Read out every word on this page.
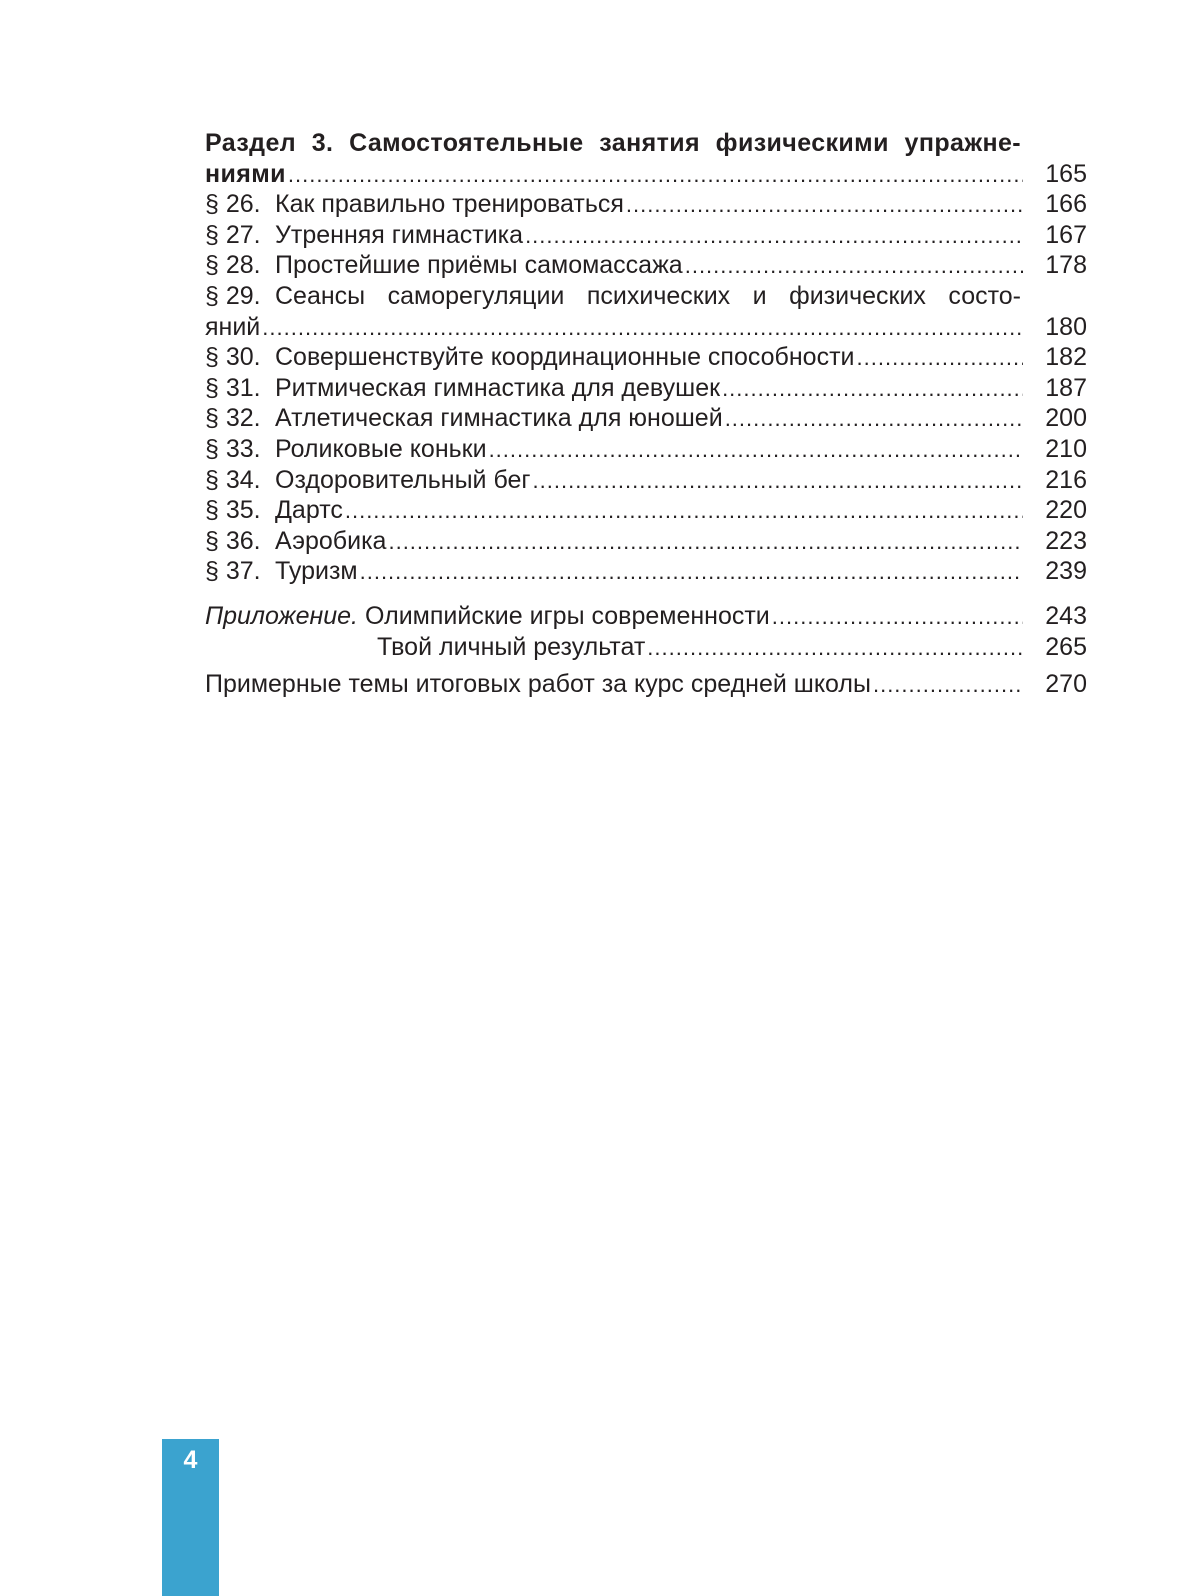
Раздел 3. Самостоятельные занятия физическими упражне-
ниями .....	165
§ 26. Как правильно тренироваться .....	166
§ 27. Утренняя гимнастика .....	167
§ 28. Простейшие приёмы самомассажа .....	178
§ 29. Сеансы саморегуляции психических и физических состо-
яний .....	180
§ 30. Совершенствуйте координационные способности .....	182
§ 31. Ритмическая гимнастика для девушек .....	187
§ 32. Атлетическая гимнастика для юношей .....	200
§ 33. Роликовые коньки .....	210
§ 34. Оздоровительный бег .....	216
§ 35. Дартс .....	220
§ 36. Аэробика .....	223
§ 37. Туризм .....	239
Приложение. Олимпийские игры современности .....	243
Твой личный результат .....	265
Примерные темы итоговых работ за курс средней школы .....	270
4
